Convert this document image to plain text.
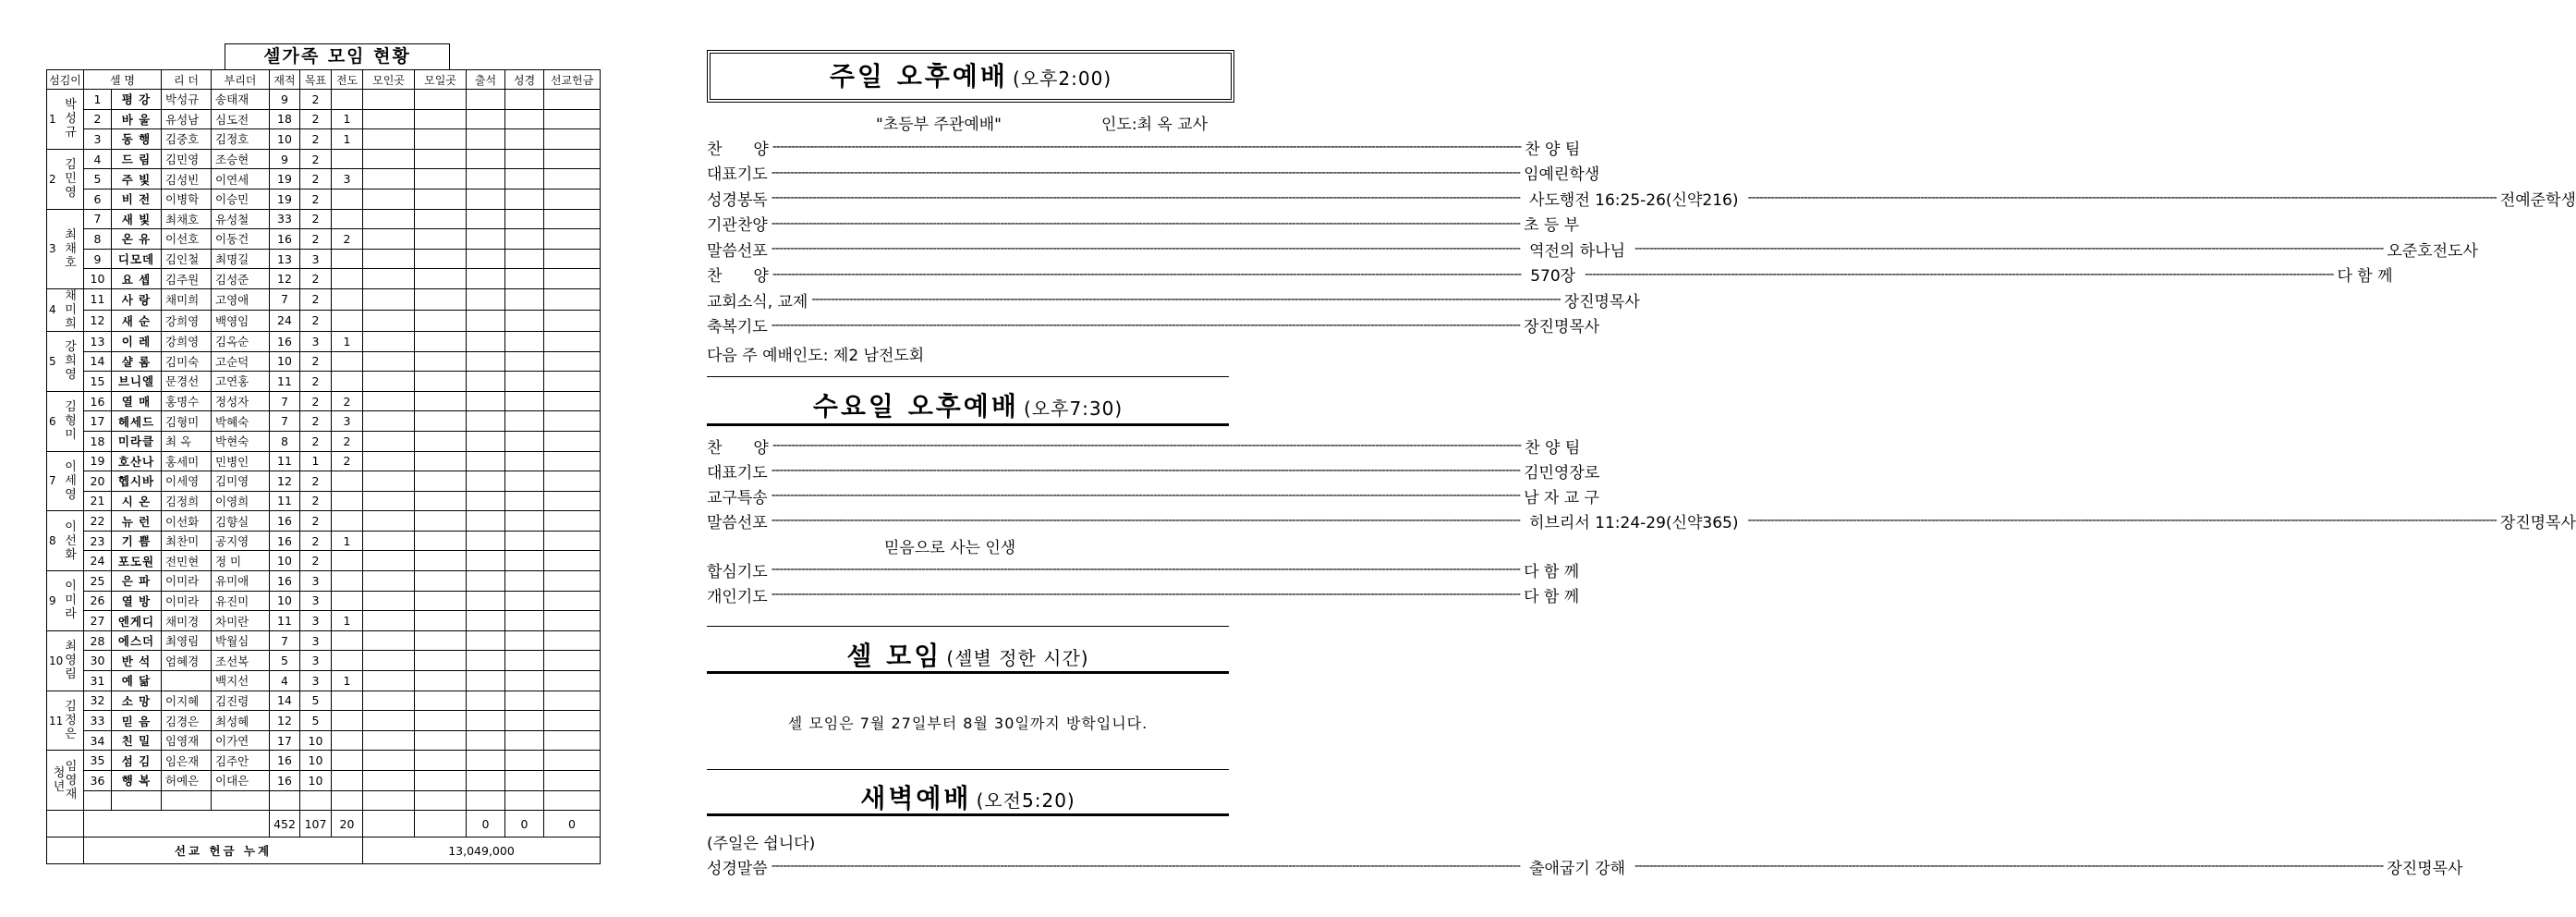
셀가족 모임 현황
섬김이	셀 명		리 더	부리더	재적	목표	전도	모인곳	모일곳	출석	성경	선교헌금

1
박성규	1	평 강	박성규	송태재	9	2						
	2	바 울	유성남	심도전	18	2	1					
	3	동 행	김중호	김정호	10	2	1					

2
김민영	4	드 림	김민영	조승현	9	2						
	5	주 빛	김성빈	이연세	19	2	3					
	6	비 전	이병학	이승민	19	2						

3
최채호	7	새 빛	최채호	유성철	33	2						
	8	온 유	이선호	이동건	16	2	2					
	9	디모데	김인철	최명길	13	3						
	10	요 셉	김주원	김성준	12	2						

4
채미희	11	사 랑	채미희	고영애	7	2						
	12	새 순	강희영	백영임	24	2						

5
강희영	13	이 레	강희영	김옥순	16	3	1					
	14	샬 롬	김미숙	고순덕	10	2						
	15	브니엘	문경선	고연홍	11	2						

6
김형미	16	열 매	홍명수	정성자	7	2	2					
	17	헤세드	김형미	박혜숙	7	2	3					
	18	미라클	최 옥	박현숙	8	2	2					

7
이세영	19	호산나	홍세미	민병인	11	1	2					
	20	헵시바	이세영	김미영	12	2						
	21	시 온	김정희	이영희	11	2						

8
이선화	22	뉴 런	이선화	김향실	16	2						
	23	기 쁨	최찬미	공지영	16	2	1					
	24	포도원	전민현	정 미	10	2						

9
이미라	25	은 파	이미라	유미애	16	3						
	26	열 방	이미라	유진미	10	3						
	27	엔게디	채미경	차미란	11	3	1					

10
최영림	28	에스더	최영림	박월심	7	3						
	30	반 석	엄혜경	조선복	5	3						
	31	예 닮		백지선	4	3	1					

11
김정은	32	소 망	이지혜	김진령	14	5						
	33	믿 음	김경은	최성혜	12	5						
	34	친 밀	임영재	이가연	17	10						
청년임영재	35	섬 김	임은재	김주안	16	10						
	36	행 복	허예은	이대은	16	10						

					452	107	20			0	0	0
	선교 헌금 누계							13,049,000				
주일 오후예배 (오후2:00)
"초등부 주관예배"	인도:최 옥 교사
찬　　양 -------------------------------------------------------------------------------------------------------------------------------------------------------------------------------------------------------- 찬 양 팀
대표기도 -------------------------------------------------------------------------------------------------------------------------------------------------------------------------------------------------------- 임예린학생
성경봉독 -------------------------------------------------------------------------------------------------------------------------------------------------------------------------------------------------------- 사도행전 16:25-26(신약216) -------------------------------------------------------------------------------------------------------------------------------------------------------------------------------------------------------- 전예준학생
기관찬양 -------------------------------------------------------------------------------------------------------------------------------------------------------------------------------------------------------- 초 등 부
말씀선포 -------------------------------------------------------------------------------------------------------------------------------------------------------------------------------------------------------- 역전의 하나님 -------------------------------------------------------------------------------------------------------------------------------------------------------------------------------------------------------- 오준호전도사
찬　　양 -------------------------------------------------------------------------------------------------------------------------------------------------------------------------------------------------------- 570장 -------------------------------------------------------------------------------------------------------------------------------------------------------------------------------------------------------- 다 함 께
교회소식, 교제 -------------------------------------------------------------------------------------------------------------------------------------------------------------------------------------------------------- 장진명목사
축복기도 -------------------------------------------------------------------------------------------------------------------------------------------------------------------------------------------------------- 장진명목사
다음 주 예배인도: 제2 남전도회
수요일 오후예배 (오후7:30)
찬　　양 -------------------------------------------------------------------------------------------------------------------------------------------------------------------------------------------------------- 찬 양 팀
대표기도 -------------------------------------------------------------------------------------------------------------------------------------------------------------------------------------------------------- 김민영장로
교구특송 -------------------------------------------------------------------------------------------------------------------------------------------------------------------------------------------------------- 남 자 교 구
말씀선포 -------------------------------------------------------------------------------------------------------------------------------------------------------------------------------------------------------- 히브리서 11:24-29(신약365) -------------------------------------------------------------------------------------------------------------------------------------------------------------------------------------------------------- 장진명목사
믿음으로 사는 인생
합심기도 -------------------------------------------------------------------------------------------------------------------------------------------------------------------------------------------------------- 다 함 께
개인기도 -------------------------------------------------------------------------------------------------------------------------------------------------------------------------------------------------------- 다 함 께
셀 모임 (셀별 정한 시간)
셀 모임은 7월 27일부터 8월 30일까지 방학입니다.
새벽예배 (오전5:20)
(주일은 쉽니다)
성경말씀 -------------------------------------------------------------------------------------------------------------------------------------------------------------------------------------------------------- 출애굽기 강해 -------------------------------------------------------------------------------------------------------------------------------------------------------------------------------------------------------- 장진명목사
